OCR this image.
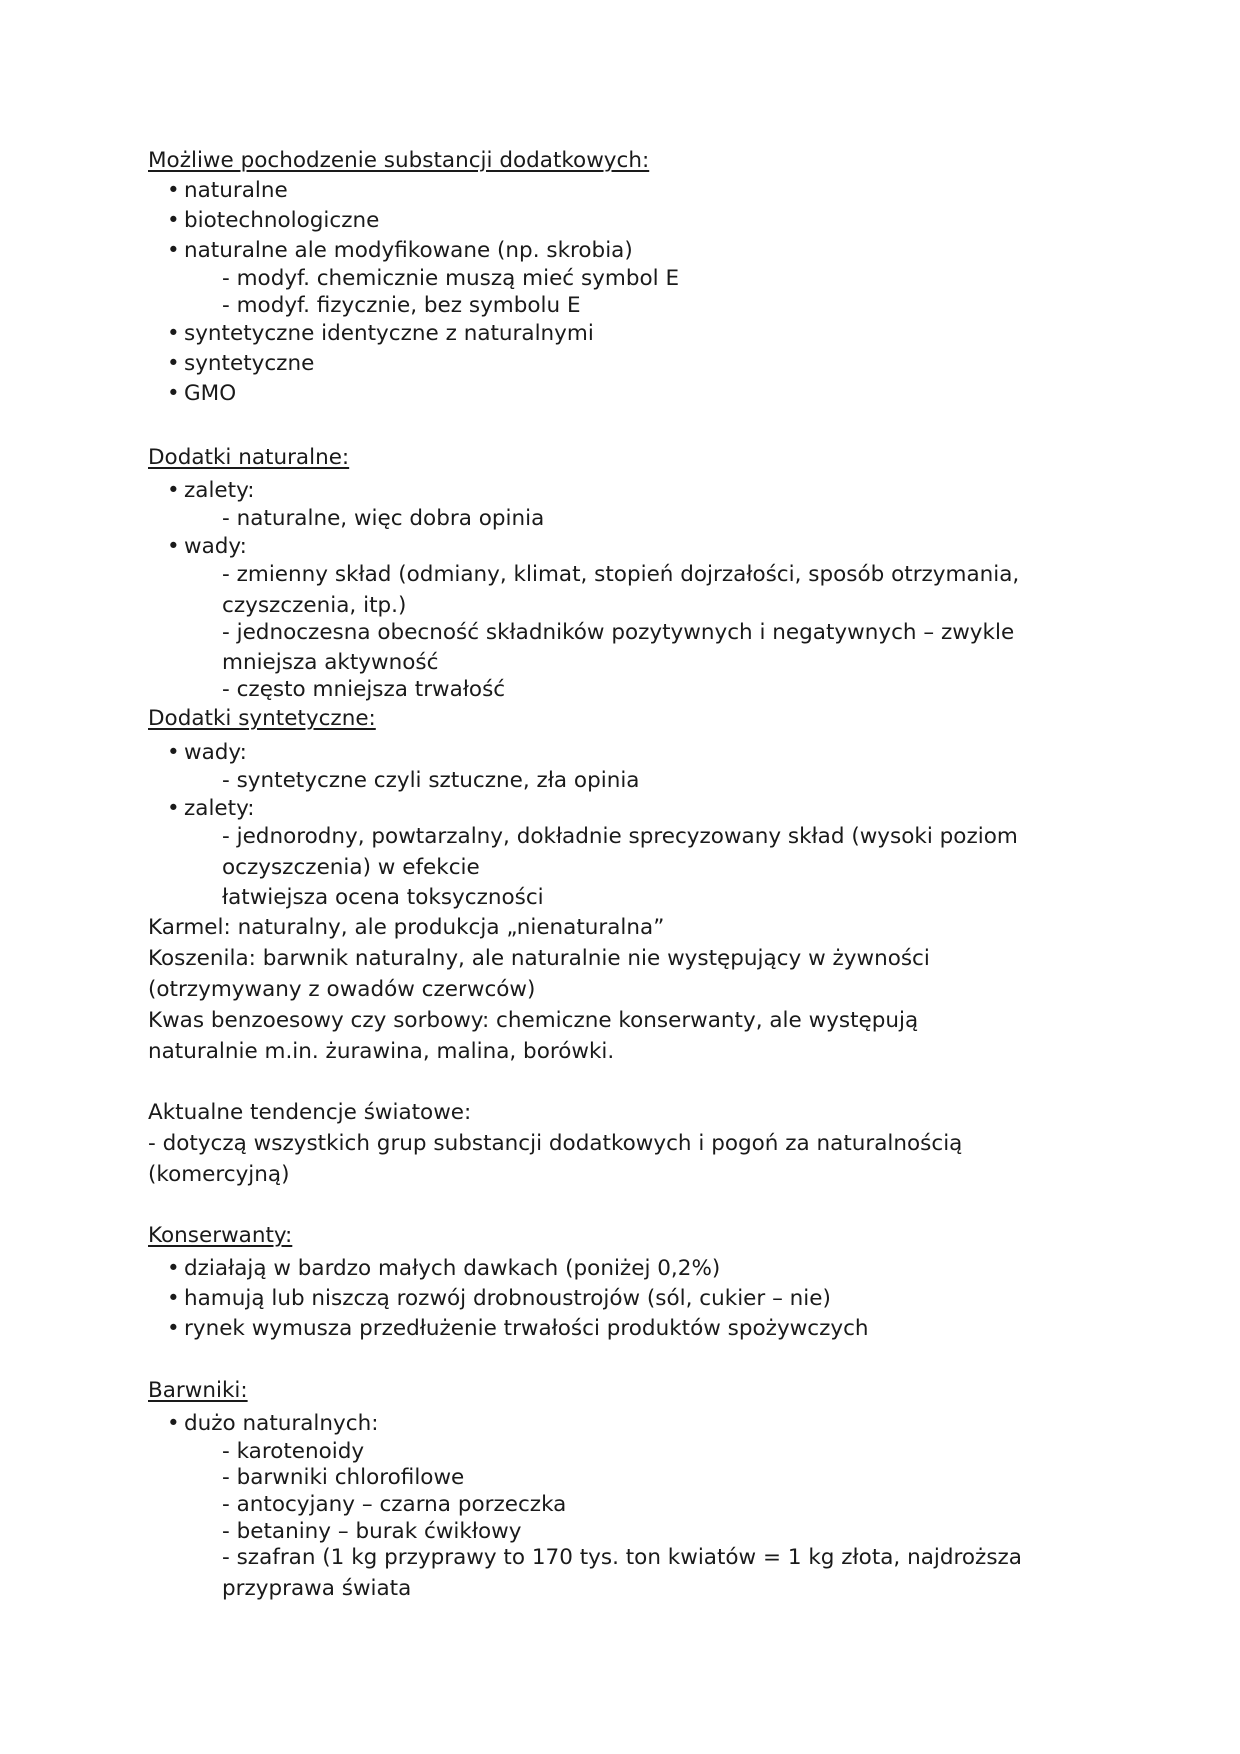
Możliwe pochodzenie substancji dodatkowych:
• naturalne
• biotechnologiczne
• naturalne ale modyfikowane (np. skrobia)
- modyf. chemicznie muszą mieć symbol E
- modyf. fizycznie, bez symbolu E
• syntetyczne identyczne z naturalnymi
• syntetyczne
• GMO
Dodatki naturalne:
• zalety:
- naturalne, więc dobra opinia
• wady:
- zmienny skład (odmiany, klimat, stopień dojrzałości, sposób otrzymania,
czyszczenia, itp.)
- jednoczesna obecność składników pozytywnych i negatywnych – zwykle
mniejsza aktywność
- często mniejsza trwałość
Dodatki syntetyczne:
• wady:
- syntetyczne czyli sztuczne, zła opinia
• zalety:
- jednorodny, powtarzalny, dokładnie sprecyzowany skład (wysoki poziom
oczyszczenia) w efekcie
łatwiejsza ocena toksyczności
Karmel: naturalny, ale produkcja „nienaturalna”
Koszenila: barwnik naturalny, ale naturalnie nie występujący w żywności
(otrzymywany z owadów czerwców)
Kwas benzoesowy czy sorbowy: chemiczne konserwanty, ale występują
naturalnie m.in. żurawina, malina, borówki.
Aktualne tendencje światowe:
- dotyczą wszystkich grup substancji dodatkowych i pogoń za naturalnością
(komercyjną)
Konserwanty:
• działają w bardzo małych dawkach (poniżej 0,2%)
• hamują lub niszczą rozwój drobnoustrojów (sól, cukier – nie)
• rynek wymusza przedłużenie trwałości produktów spożywczych
Barwniki:
• dużo naturalnych:
- karotenoidy
- barwniki chlorofilowe
- antocyjany – czarna porzeczka
- betaniny – burak ćwikłowy
- szafran (1 kg przyprawy to 170 tys. ton kwiatów = 1 kg złota, najdroższa
przyprawa świata
